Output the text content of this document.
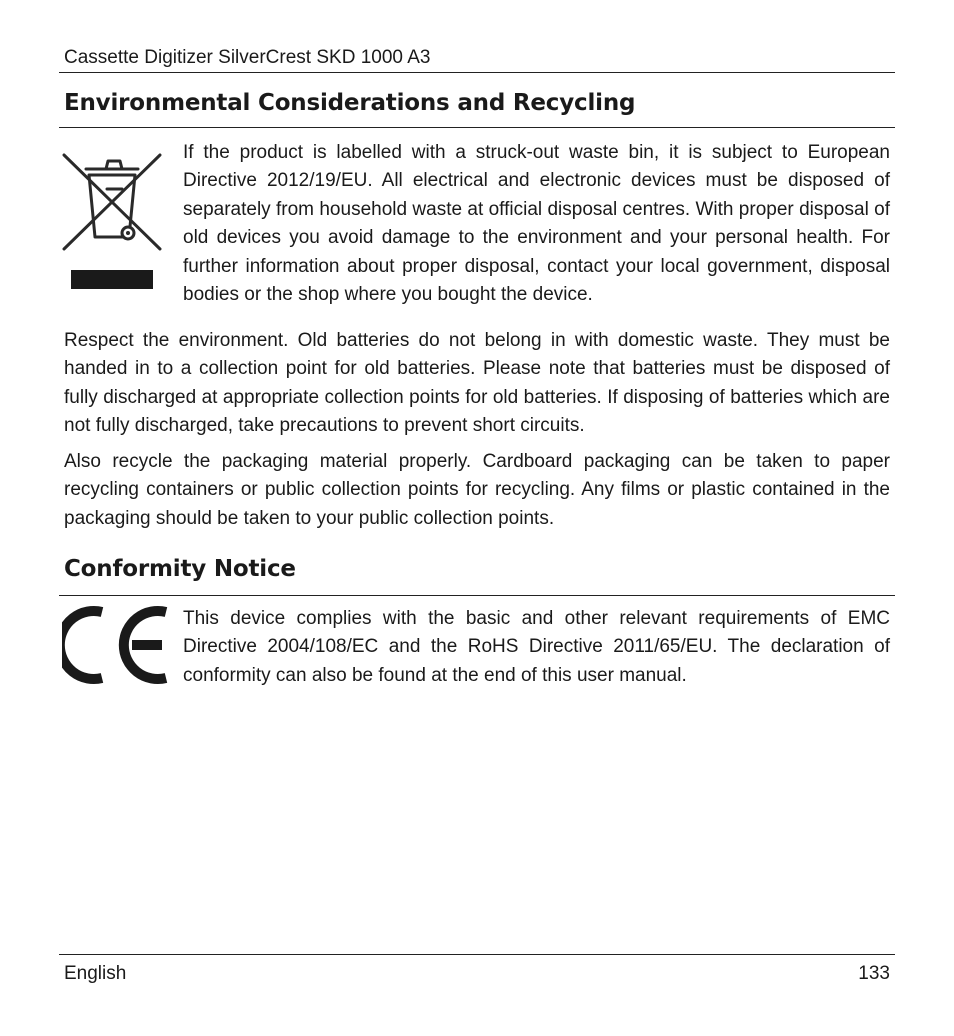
Cassette Digitizer SilverCrest SKD 1000 A3
Environmental Considerations and Recycling

If the product is labelled with a struck-out waste bin, it is subject to European Directive 2012/19/EU. All electrical and electronic devices must be disposed of separately from household waste at official disposal centres. With proper disposal of old devices you avoid damage to the environment and your personal health. For further information about proper disposal, contact your local government, disposal bodies or the shop where you bought the device.

Respect the environment. Old batteries do not belong in with domestic waste. They must be handed in to a collection point for old batteries. Please note that batteries must be disposed of fully discharged at appropriate collection points for old batteries. If disposing of batteries which are not fully discharged, take precautions to prevent short circuits.

Also recycle the packaging material properly. Cardboard packaging can be taken to paper recycling containers or public collection points for recycling. Any films or plastic contained in the packaging should be taken to your public collection points.

Conformity Notice

This device complies with the basic and other relevant requirements of EMC Directive 2004/108/EC and the RoHS Directive 2011/65/EU. The declaration of conformity can also be found at the end of this user manual.

English	133
